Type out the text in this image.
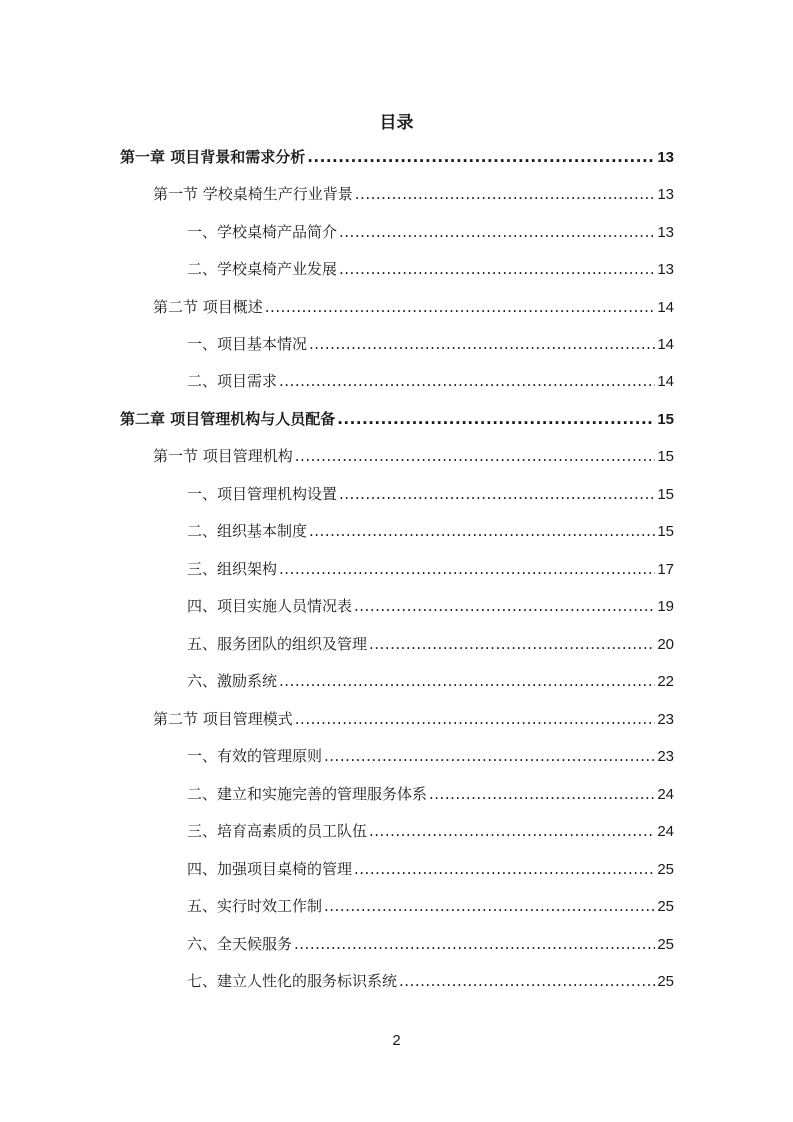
目录
第一章 项目背景和需求分析 .....	13
第一节 学校桌椅生产行业背景 .....	13
一、学校桌椅产品简介 .....	13
二、学校桌椅产业发展 .....	13
第二节 项目概述 .....	14
一、项目基本情况 .....	14
二、项目需求 .....	14
第二章 项目管理机构与人员配备 .....	15
第一节 项目管理机构 .....	15
一、项目管理机构设置 .....	15
二、组织基本制度 .....	15
三、组织架构 .....	17
四、项目实施人员情况表 .....	19
五、服务团队的组织及管理 .....	20
六、激励系统 .....	22
第二节 项目管理模式 .....	23
一、有效的管理原则 .....	23
二、建立和实施完善的管理服务体系 .....	24
三、培育高素质的员工队伍 .....	24
四、加强项目桌椅的管理 .....	25
五、实行时效工作制 .....	25
六、全天候服务 .....	25
七、建立人性化的服务标识系统 .....	25
2
